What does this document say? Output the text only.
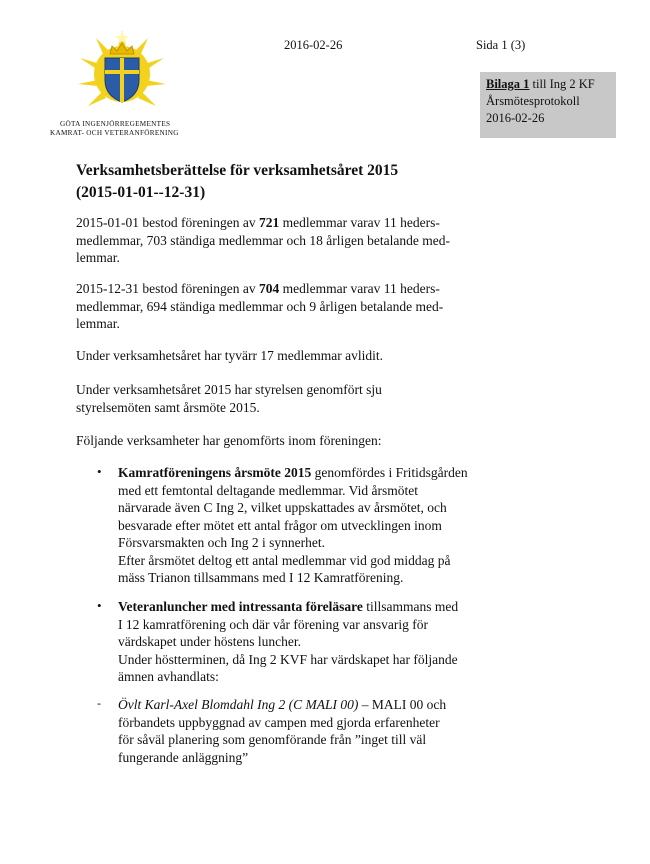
GÖTA INGENJÖRREGEMENTES
KAMRAT- OCH VETERANFÖRENING
2016-02-26	Sida 1 (3)
Bilaga 1 till Ing 2 KF
Årsmötesprotokoll
2016-02-26
Verksamhetsberättelse för verksamhetsåret 2015
(2015-01-01--12-31)
2015-01-01 bestod föreningen av 721 medlemmar varav 11 heders-
medlemmar, 703 ständiga medlemmar och 18 årligen betalande med-
lemmar.
2015-12-31 bestod föreningen av 704 medlemmar varav 11 heders-
medlemmar, 694 ständiga medlemmar och 9 årligen betalande med-
lemmar.
Under verksamhetsåret har tyvärr 17 medlemmar avlidit.
Under verksamhetsåret 2015 har styrelsen genomfört sju
styrelsemöten samt årsmöte 2015.
Följande verksamheter har genomförts inom föreningen:
• Kamratföreningens årsmöte 2015 genomfördes i Fritidsgården
med ett femtontal deltagande medlemmar. Vid årsmötet
närvarade även C Ing 2, vilket uppskattades av årsmötet, och
besvarade efter mötet ett antal frågor om utvecklingen inom
Försvarsmakten och Ing 2 i synnerhet.
Efter årsmötet deltog ett antal medlemmar vid god middag på
mäss Trianon tillsammans med I 12 Kamratförening.
• Veteranluncher med intressanta föreläsare tillsammans med
I 12 kamratförening och där vår förening var ansvarig för
värdskapet under höstens luncher.
Under höstterminen, då Ing 2 KVF har värdskapet har följande
ämnen avhandlats:
- Övlt Karl-Axel Blomdahl Ing 2 (C MALI 00) – MALI 00 och
förbandets uppbyggnad av campen med gjorda erfarenheter
för såväl planering som genomförande från ”inget till väl
fungerande anläggning”
